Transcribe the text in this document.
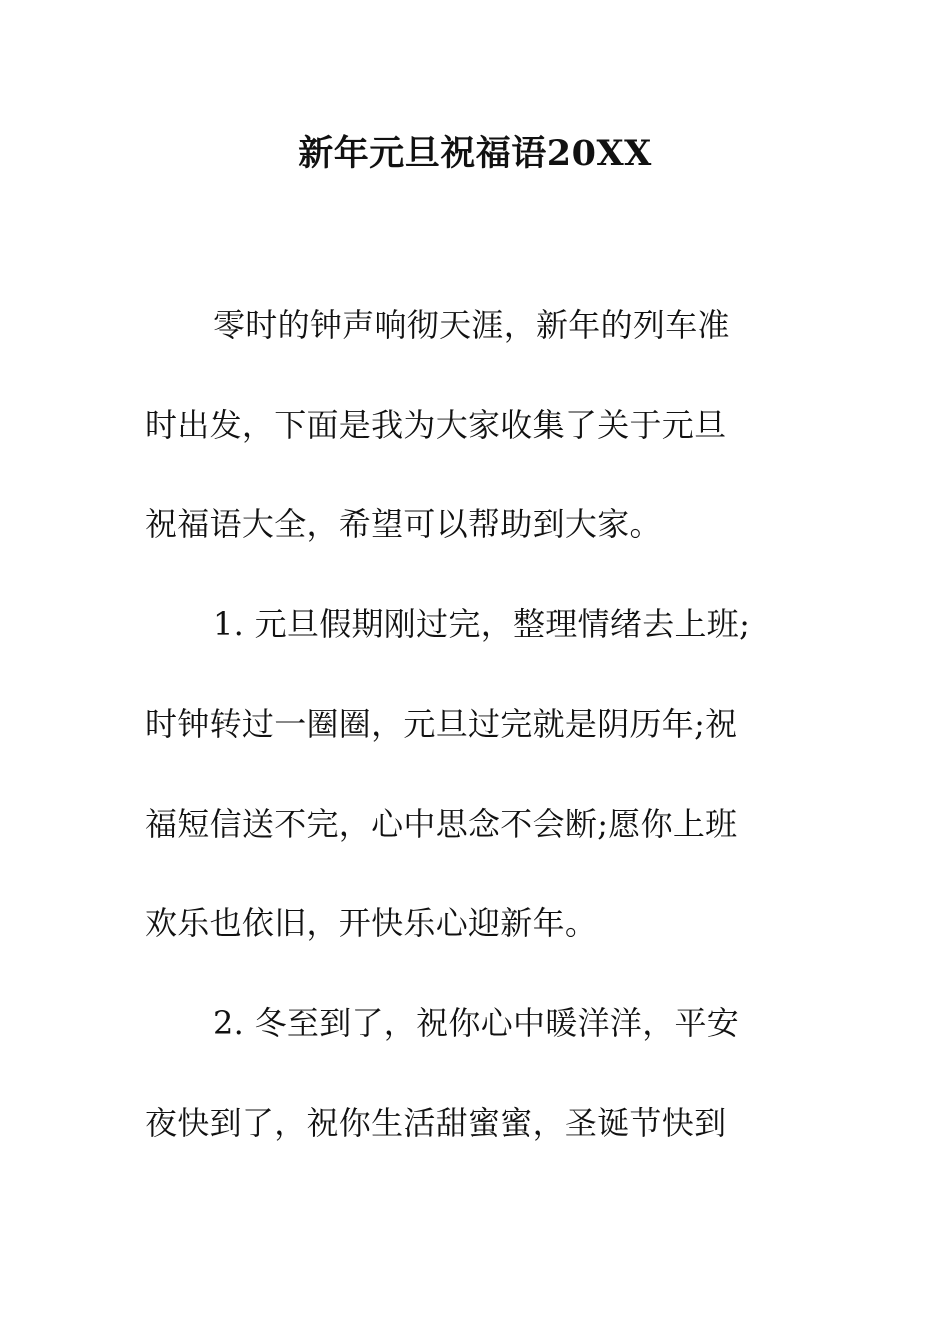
新年元旦祝福语20XX
零时的钟声响彻天涯，新年的列车准
时出发，下面是我为大家收集了关于元旦
祝福语大全，希望可以帮助到大家。
1. 元旦假期刚过完，整理情绪去上班;
时钟转过一圈圈，元旦过完就是阴历年;祝
福短信送不完，心中思念不会断;愿你上班
欢乐也依旧，开快乐心迎新年。
2. 冬至到了，祝你心中暖洋洋，平安
夜快到了，祝你生活甜蜜蜜，圣诞节快到
